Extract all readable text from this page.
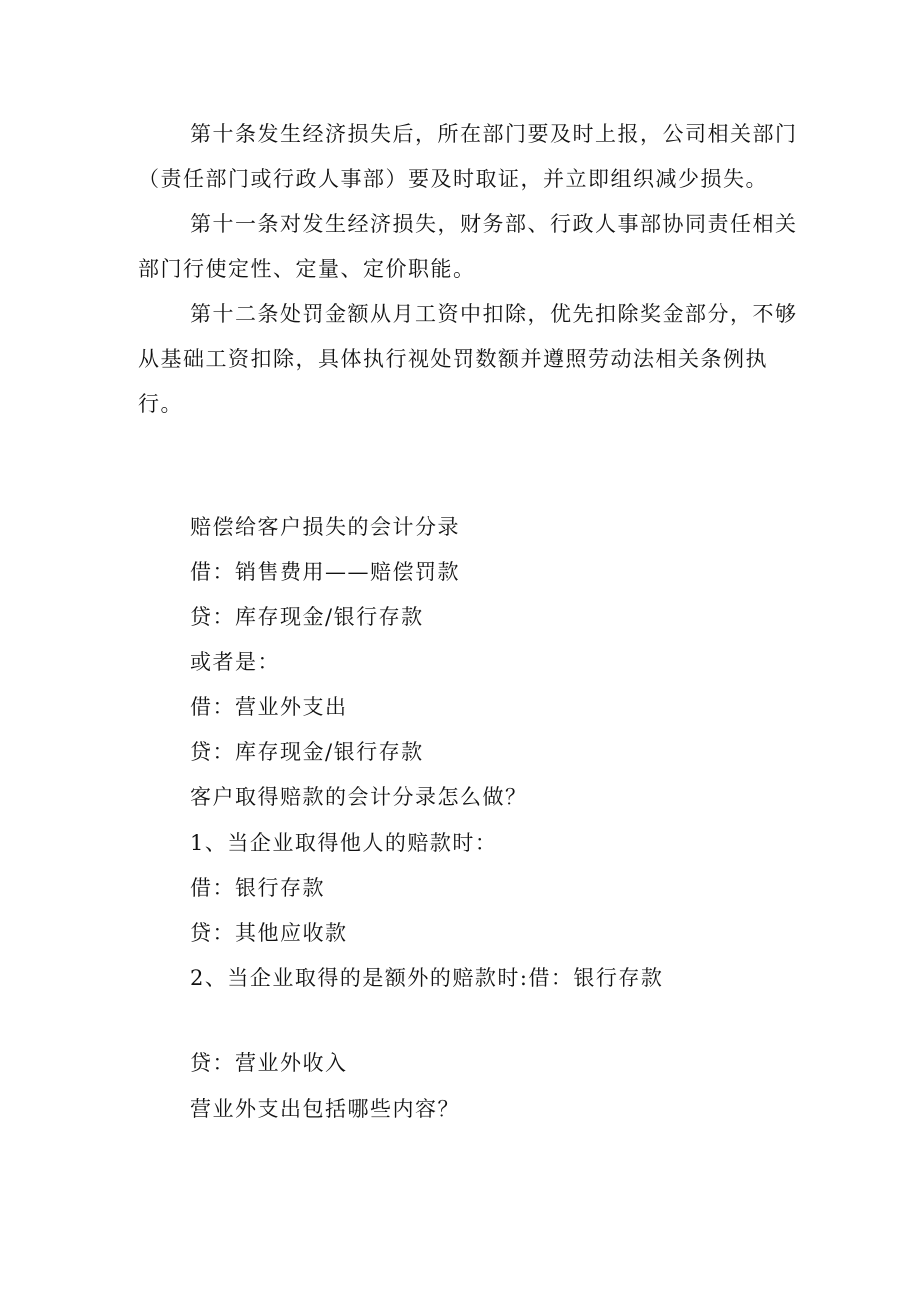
第十条发生经济损失后，所在部门要及时上报，公司相关部门（责任部门或行政人事部）要及时取证，并立即组织减少损失。

第十一条对发生经济损失，财务部、行政人事部协同责任相关部门行使定性、定量、定价职能。

第十二条处罚金额从月工资中扣除，优先扣除奖金部分，不够从基础工资扣除，具体执行视处罚数额并遵照劳动法相关条例执行。

赔偿给客户损失的会计分录

借：销售费用——赔偿罚款

贷：库存现金/银行存款

或者是：

借：营业外支出

贷：库存现金/银行存款

客户取得赔款的会计分录怎么做？

1、当企业取得他人的赔款时：

借：银行存款

贷：其他应收款

2、当企业取得的是额外的赔款时:借：银行存款

贷：营业外收入

营业外支出包括哪些内容？
